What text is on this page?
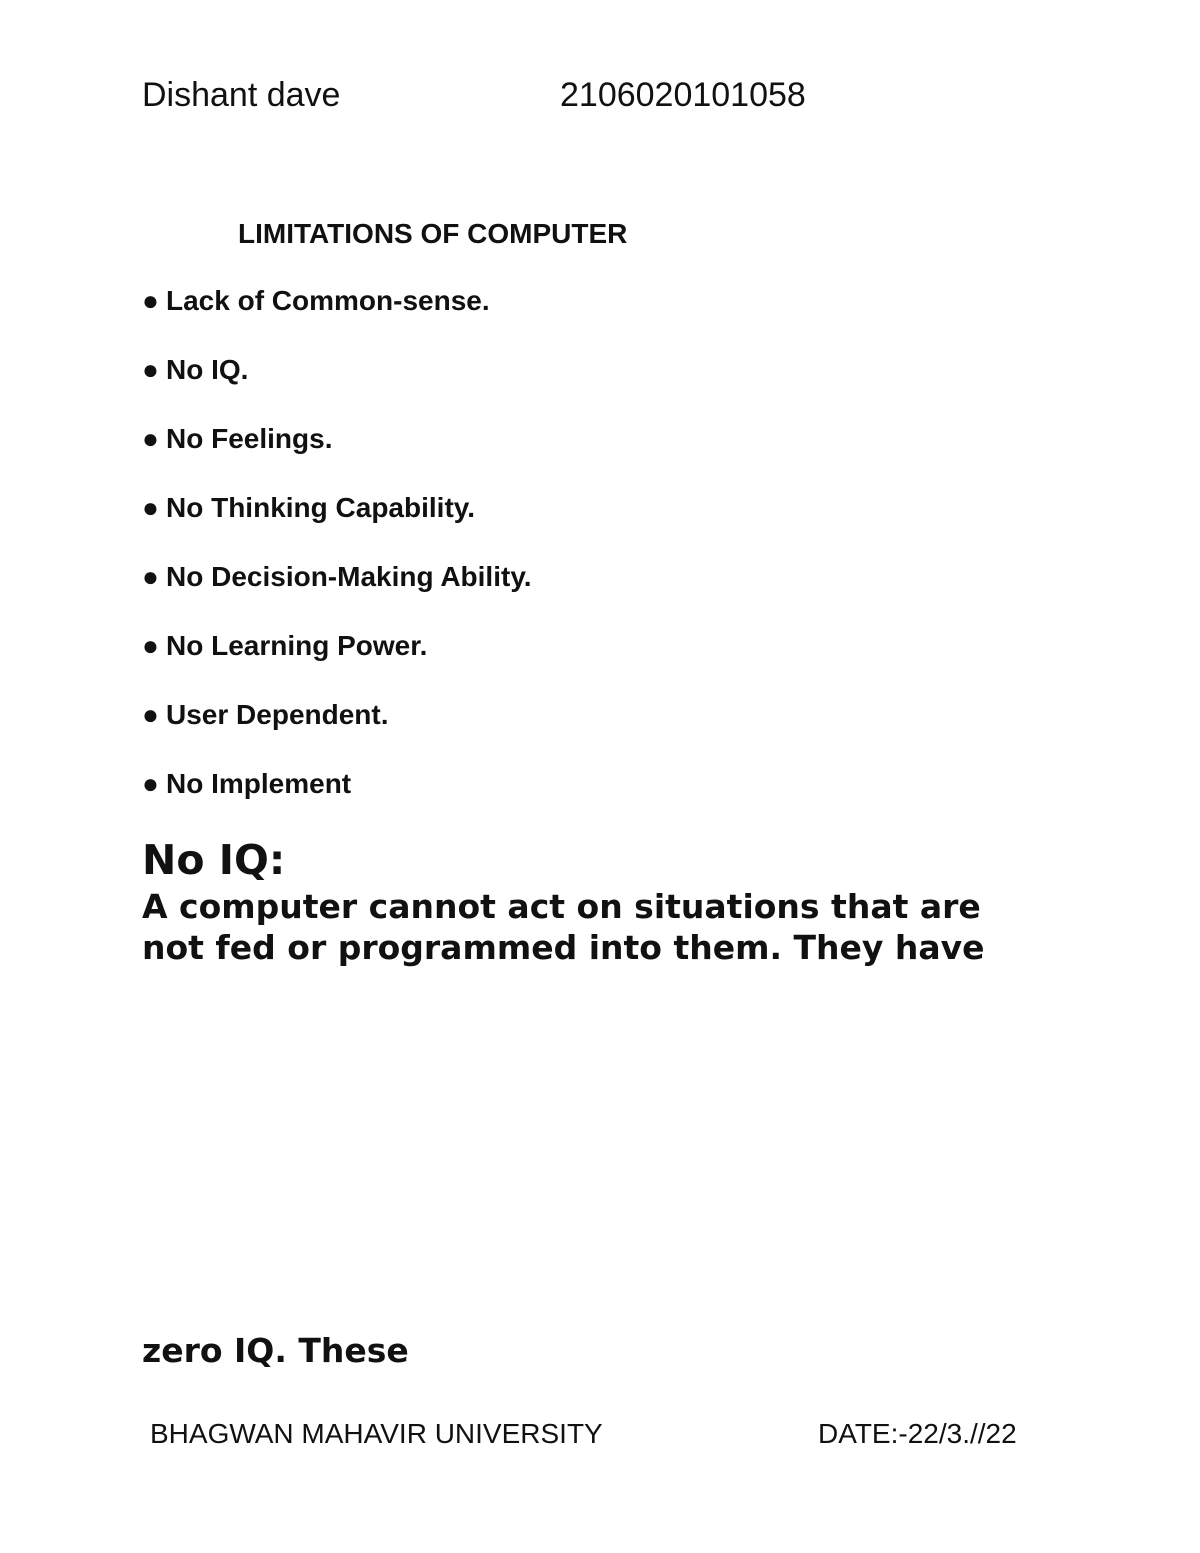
Dishant dave	2106020101058
LIMITATIONS OF COMPUTER
● Lack of Common-sense.
● No IQ.
● No Feelings.
● No Thinking Capability.
● No Decision-Making Ability.
● No Learning Power.
● User Dependent.
● No Implement
No IQ:
A computer cannot act on situations that are
not fed or programmed into them. They have
zero IQ. These
BHAGWAN MAHAVIR UNIVERSITY	DATE:-22/3.//22
